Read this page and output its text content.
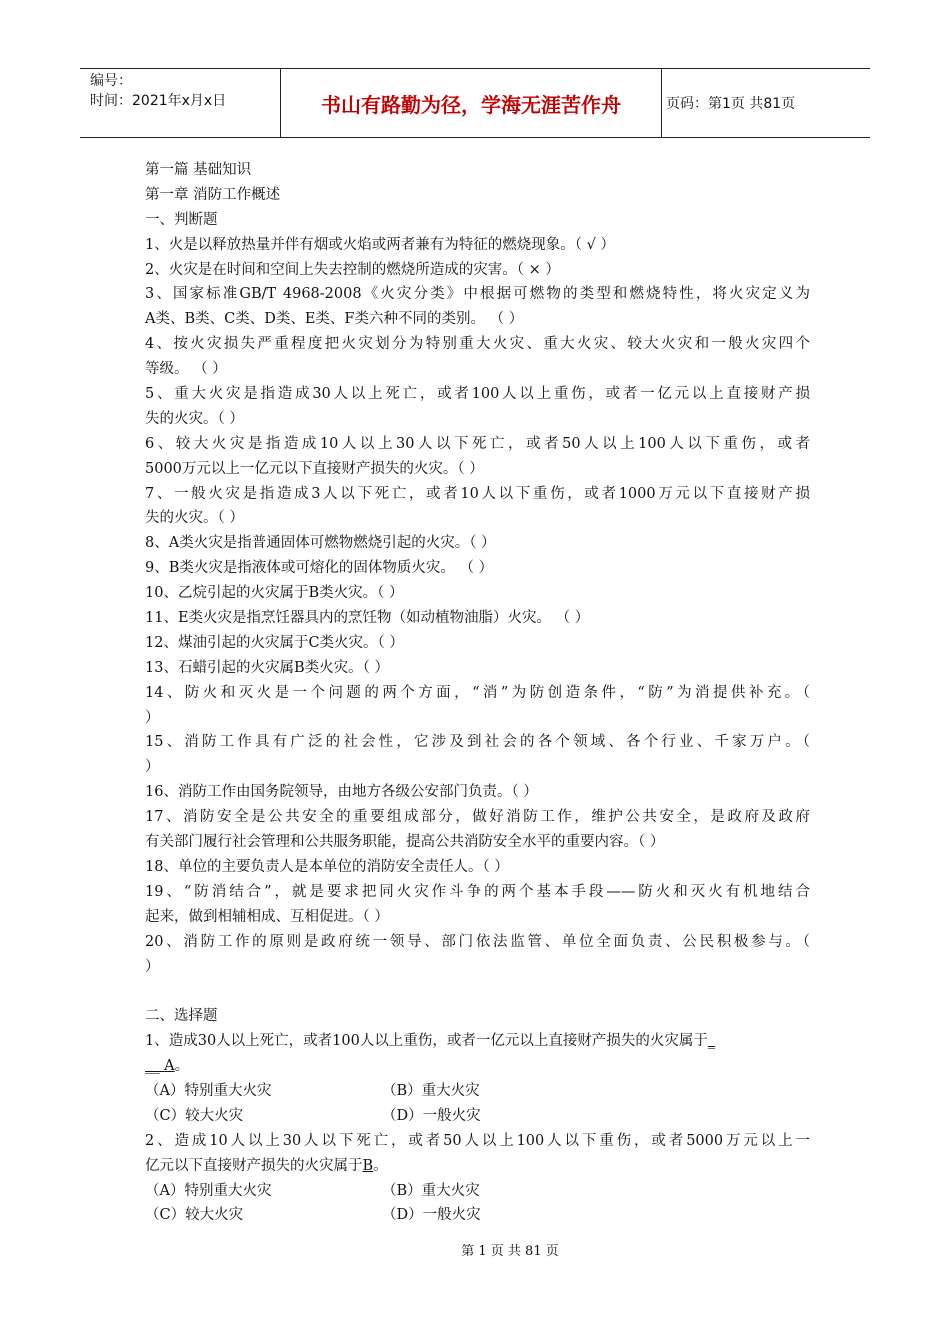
编号：
时间：2021年x月x日	书山有路勤为径，学海无涯苦作舟	页码：第1页 共81页
第一篇 基础知识
第一章 消防工作概述
一、判断题
1、火是以释放热量并伴有烟或火焰或两者兼有为特征的燃烧现象。（ √ ）
2、火灾是在时间和空间上失去控制的燃烧所造成的灾害。（ × ）
3、国家标准GB/T 4968-2008《火灾分类》中根据可燃物的类型和燃烧特性，将火灾定义为
A类、B类、C类、D类、E类、F类六种不同的类别。 （ ）
4、按火灾损失严重程度把火灾划分为特别重大火灾、重大火灾、较大火灾和一般火灾四个
等级。 （ ）
5、重大火灾是指造成30人以上死亡，或者100人以上重伤，或者一亿元以上直接财产损
失的火灾。（ ）
6、较大火灾是指造成10人以上30人以下死亡，或者50人以上100人以下重伤，或者
5000万元以上一亿元以下直接财产损失的火灾。（ ）
7、一般火灾是指造成3人以下死亡，或者10人以下重伤，或者1000万元以下直接财产损
失的火灾。（ ）
8、A类火灾是指普通固体可燃物燃烧引起的火灾。（ ）
9、B类火灾是指液体或可熔化的固体物质火灾。 （ ）
10、乙烷引起的火灾属于B类火灾。（ ）
11、E类火灾是指烹饪器具内的烹饪物（如动植物油脂）火灾。 （ ）
12、煤油引起的火灾属于C类火灾。（ ）
13、石蜡引起的火灾属B类火灾。（ ）
14、防火和灭火是一个问题的两个方面，“消”为防创造条件，“防”为消提供补充。（
）
15、消防工作具有广泛的社会性，它涉及到社会的各个领域、各个行业、千家万户。（
）
16、消防工作由国务院领导，由地方各级公安部门负责。（ ）
17、消防安全是公共安全的重要组成部分，做好消防工作，维护公共安全，是政府及政府
有关部门履行社会管理和公共服务职能，提高公共消防安全水平的重要内容。（ ）
18、单位的主要负责人是本单位的消防安全责任人。（ ）
19、“防消结合”，就是要求把同火灾作斗争的两个基本手段——防火和灭火有机地结合
起来，做到相辅相成、互相促进。（ ）
20、消防工作的原则是政府统一领导、部门依法监管、单位全面负责、公民积极参与。（
）
二、选择题
1、造成30人以上死亡，或者100人以上重伤，或者一亿元以上直接财产损失的火灾属于_
__ A。
（A）特别重大火灾	（B）重大火灾
（C）较大火灾	（D）一般火灾
2、造成10人以上30人以下死亡，或者50人以上100人以下重伤，或者5000万元以上一
亿元以下直接财产损失的火灾属于B。
（A）特别重大火灾	（B）重大火灾
（C）较大火灾	（D）一般火灾
第 1 页 共 81 页
